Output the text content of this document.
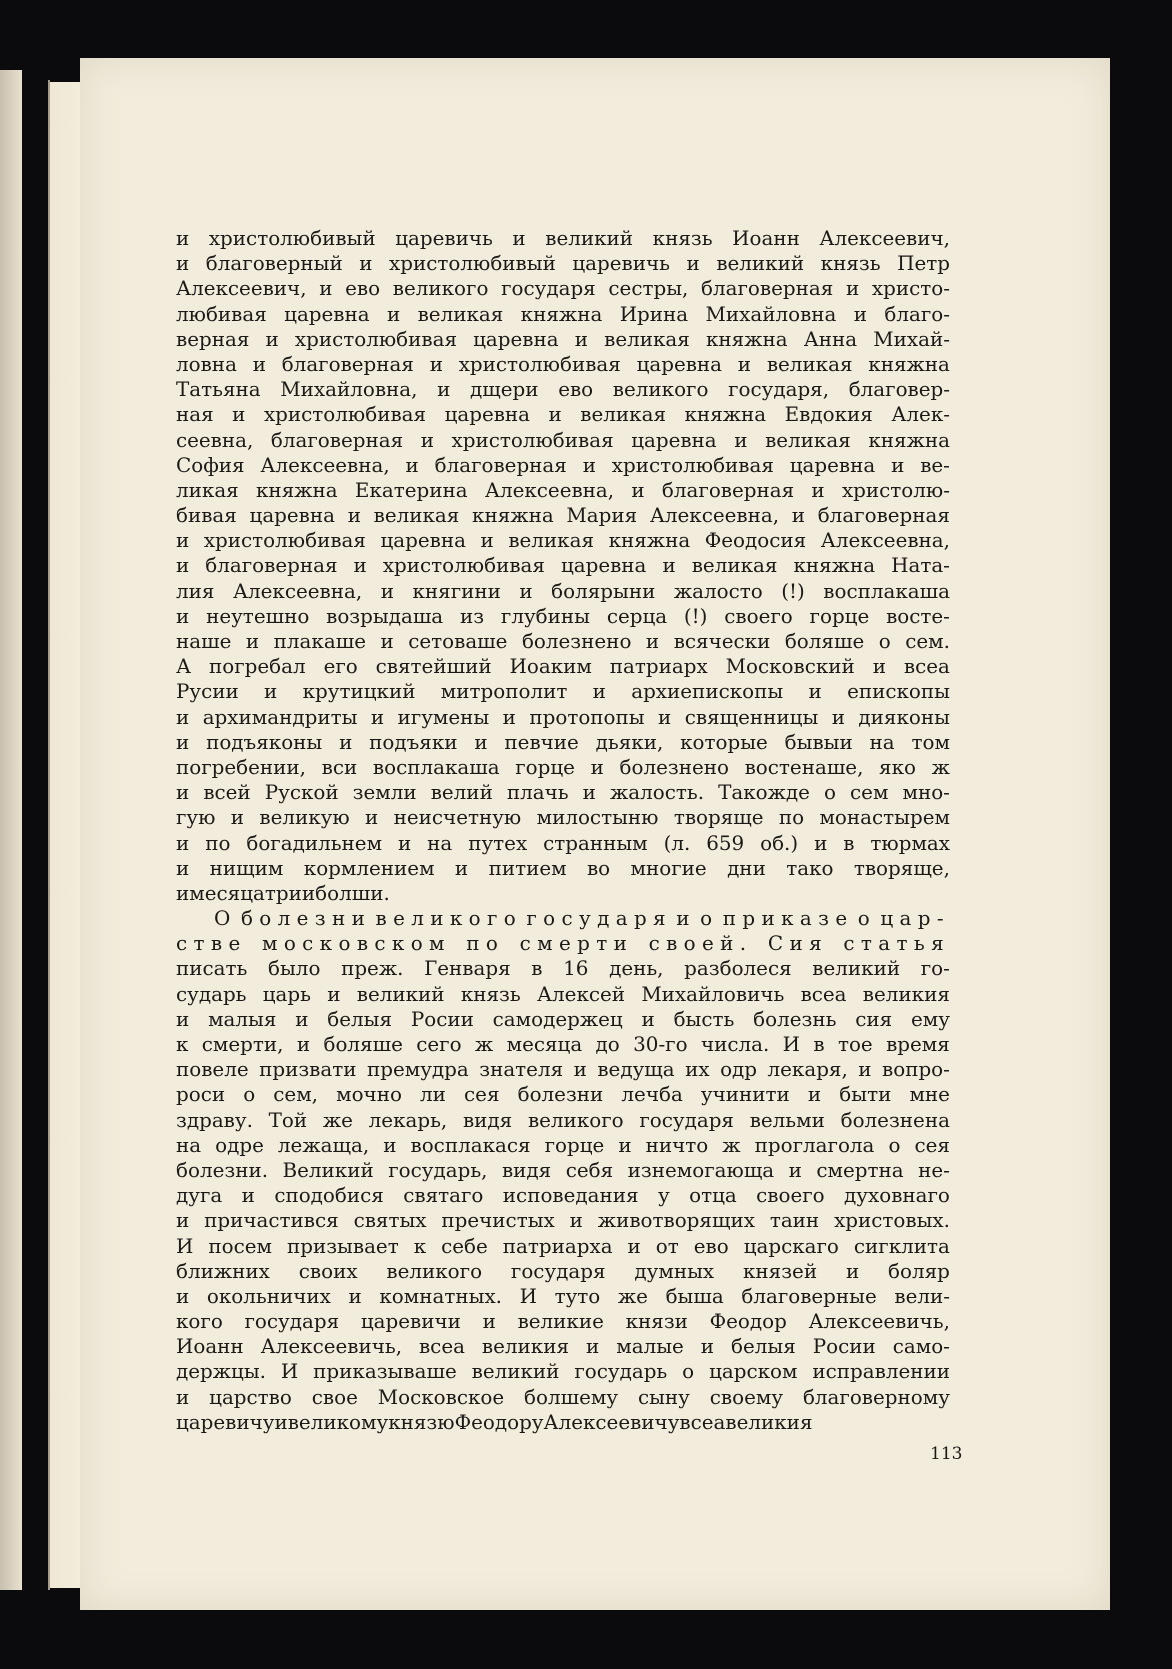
и христолюбивый царевичь и великий князь Иоанн Алексеевич,
и благоверный и христолюбивый царевичь и великий князь Петр
Алексеевич, и ево великого государя сестры, благоверная и христо-
любивая царевна и великая княжна Ирина Михайловна и благо-
верная и христолюбивая царевна и великая княжна Анна Михай-
ловна и благоверная и христолюбивая царевна и великая княжна
Татьяна Михайловна, и дщери ево великого государя, благовер-
ная и христолюбивая царевна и великая княжна Евдокия Алек-
сеевна, благоверная и христолюбивая царевна и великая княжна
София Алексеевна, и благоверная и христолюбивая царевна и ве-
ликая княжна Екатерина Алексеевна, и благоверная и христолю-
бивая царевна и великая княжна Мария Алексеевна, и благоверная
и христолюбивая царевна и великая княжна Феодосия Алексеевна,
и благоверная и христолюбивая царевна и великая княжна Ната-
лия Алексеевна, и княгини и болярыни жалосто (!) восплакаша
и неутешно возрыдаша из глубины серца (!) своего горце восте-
наше и плакаше и сетоваше болезнено и всячески боляше о сем.
А погребал его святейший Иоаким патриарх Московский и всеа
Русии и крутицкий митрополит и архиепископы и епископы
и архимандриты и игумены и протопопы и священницы и дияконы
и подъяконы и подъяки и певчие дьяки, которые бывыи на том
погребении, вси восплакаша горце и болезнено востенаше, яко ж
и всей Руской земли велий плачь и жалость. Такожде о сем мно-
гую и великую и неисчетную милостыню творяще по монастырем
и по богадильнем и на путех странным (л. 659 об.) и в тюрмах
и нищим кормлением и питием во многие дни тако творяще,
и месяца три и болши.
О болезни великого государя и о приказе о цар-
стве московском по смерти своей. Сия статья
писать было преж. Генваря в 16 день, разболеся великий го-
сударь царь и великий князь Алексей Михайловичь всеа великия
и малыя и белыя Росии самодержец и бысть болезнь сия ему
к смерти, и боляше сего ж месяца до 30-го числа. И в тое время
повеле призвати премудра знателя и ведуща их одр лекаря, и вопро-
роси о сем, мочно ли сея болезни лечба учинити и быти мне
здраву. Той же лекарь, видя великого государя вельми болезнена
на одре лежаща, и восплакася горце и ничто ж проглагола о сея
болезни. Великий государь, видя себя изнемогающа и смертна не-
дуга и сподобися святаго исповедания у отца своего духовнаго
и причастився святых пречистых и животворящих таин христовых.
И посем призывает к себе патриарха и от ево царскаго сигклита
ближних своих великого государя думных князей и боляр
и окольничих и комнатных. И туто же быша благоверные вели-
кого государя царевичи и великие князи Феодор Алексеевичь,
Иоанн Алексеевичь, всеа великия и малые и белыя Росии само-
держцы. И приказываше великий государь о царском исправлении
и царство свое Московское болшему сыну своему благоверному
царевичу и великому князю Феодору Алексеевичу всеа великия
113
